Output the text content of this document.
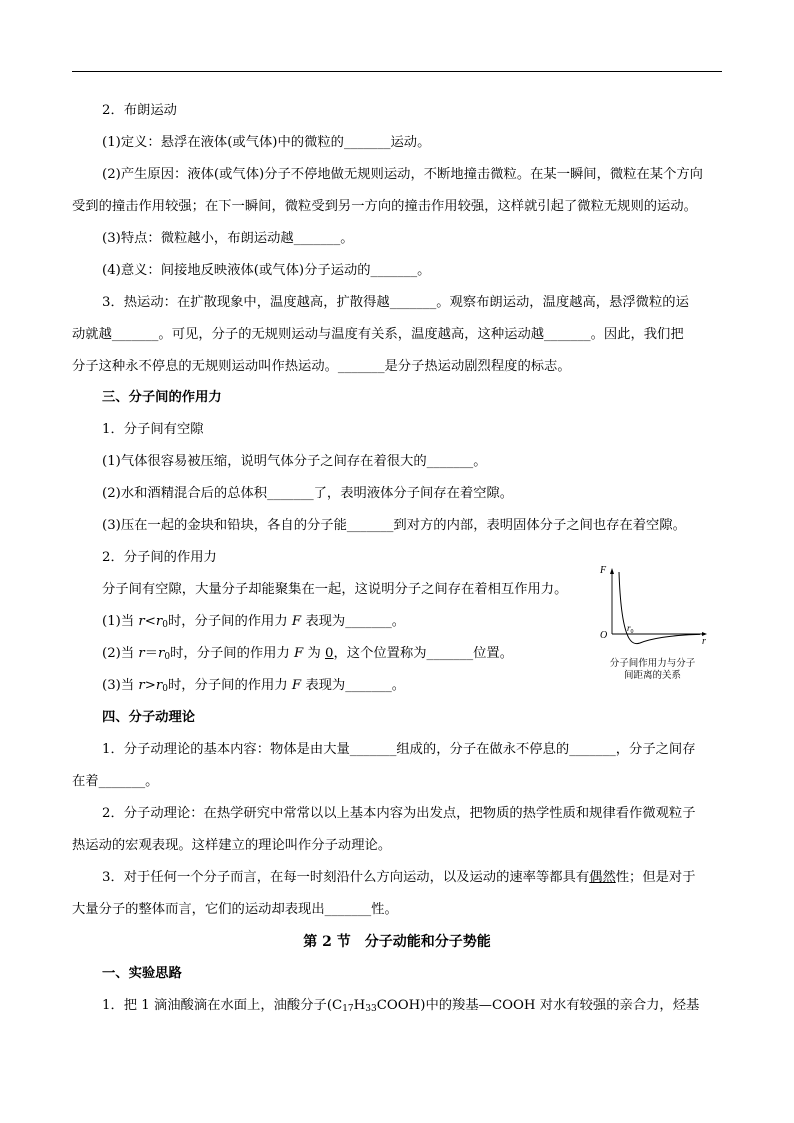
2．布朗运动
(1)定义：悬浮在液体(或气体)中的微粒的_______运动。
(2)产生原因：液体(或气体)分子不停地做无规则运动，不断地撞击微粒。在某一瞬间，微粒在某个方向
受到的撞击作用较强；在下一瞬间，微粒受到另一方向的撞击作用较强，这样就引起了微粒无规则的运动。
(3)特点：微粒越小，布朗运动越_______。
(4)意义：间接地反映液体(或气体)分子运动的_______。
3．热运动：在扩散现象中，温度越高，扩散得越_______。观察布朗运动，温度越高，悬浮微粒的运
动就越_______。可见，分子的无规则运动与温度有关系，温度越高，这种运动越_______。因此，我们把
分子这种永不停息的无规则运动叫作热运动。_______是分子热运动剧烈程度的标志。
三、分子间的作用力
1．分子间有空隙
(1)气体很容易被压缩，说明气体分子之间存在着很大的_______。
(2)水和酒精混合后的总体积_______了，表明液体分子间存在着空隙。
(3)压在一起的金块和铅块，各自的分子能_______到对方的内部，表明固体分子之间也存在着空隙。
2．分子间的作用力
分子间有空隙，大量分子却能聚集在一起，这说明分子之间存在着相互作用力。
(1)当 $r<r_0$时，分子间的作用力 F 表现为_______。
(2)当 $r=r_0$时，分子间的作用力 F 为 0，这个位置称为_______位置。
(3)当 $r>r_0$时，分子间的作用力 F 表现为_______。
F
O
r
$r_0$
分子间作用力与分子
间距离的关系
四、分子动理论
1．分子动理论的基本内容：物体是由大量_______组成的，分子在做永不停息的_______，分子之间存
在着_______。
2．分子动理论：在热学研究中常常以以上基本内容为出发点，把物质的热学性质和规律看作微观粒子
热运动的宏观表现。这样建立的理论叫作分子动理论。
3．对于任何一个分子而言，在每一时刻沿什么方向运动，以及运动的速率等都具有偶然性；但是对于
大量分子的整体而言，它们的运动却表现出_______性。
第 2 节　分子动能和分子势能
一、实验思路
1．把 1 滴油酸滴在水面上，油酸分子$(C_{17}H_{33}COOH)$中的羧基—COOH 对水有较强的亲合力，烃基
